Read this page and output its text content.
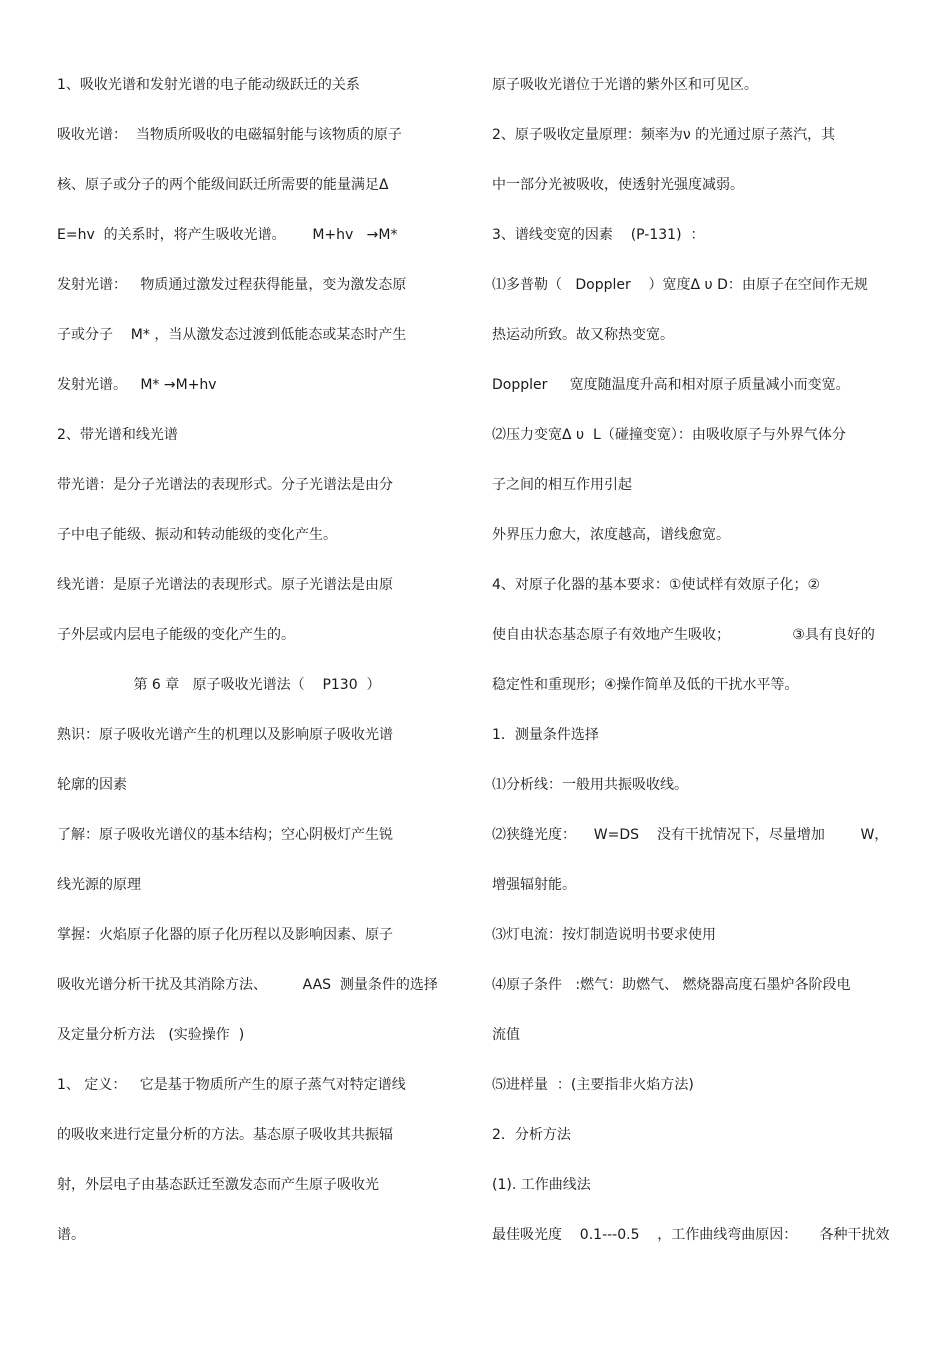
1、吸收光谱和发射光谱的电子能动级跃迁的关系

吸收光谱：  当物质所吸收的电磁辐射能与该物质的原子

核、原子或分子的两个能级间跃迁所需要的能量满足Δ

E=hv  的关系时，将产生吸收光谱。      M+hv   →M*

发射光谱：   物质通过激发过程获得能量，变为激发态原

子或分子    M* ，当从激发态过渡到低能态或某态时产生

发射光谱。   M* →M+hv

2、带光谱和线光谱

带光谱：是分子光谱法的表现形式。分子光谱法是由分

子中电子能级、振动和转动能级的变化产生。

线光谱：是原子光谱法的表现形式。原子光谱法是由原

子外层或内层电子能级的变化产生的。

第 6 章   原子吸收光谱法（    P130  ）

熟识：原子吸收光谱产生的机理以及影响原子吸收光谱

轮廓的因素

了解：原子吸收光谱仪的基本结构；空心阴极灯产生锐

线光源的原理

掌握：火焰原子化器的原子化历程以及影响因素、原子

吸收光谱分析干扰及其消除方法、        AAS  测量条件的选择

及定量分析方法   (实验操作  )

1、 定义：   它是基于物质所产生的原子蒸气对特定谱线

的吸收来进行定量分析的方法。基态原子吸收其共振辐

射，外层电子由基态跃迁至激发态而产生原子吸收光

谱。

原子吸收光谱位于光谱的紫外区和可见区。

2、原子吸收定量原理：频率为ν 的光通过原子蒸汽，其

中一部分光被吸收，使透射光强度减弱。

3、谱线变宽的因素    (P-131)  ：

⑴多普勒（   Doppler    ）宽度Δ υ D：由原子在空间作无规

热运动所致。故又称热变宽。

Doppler     宽度随温度升高和相对原子质量减小而变宽。

⑵压力变宽Δ υ  L（碰撞变宽）：由吸收原子与外界气体分

子之间的相互作用引起

外界压力愈大，浓度越高，谱线愈宽。

4、对原子化器的基本要求：①使试样有效原子化；②

使自由状态基态原子有效地产生吸收；              ③具有良好的

稳定性和重现形；④操作简单及低的干扰水平等。

1．测量条件选择

⑴分析线：一般用共振吸收线。

⑵狭缝光度：    W=DS    没有干扰情况下，尽量增加        W，

增强辐射能。

⑶灯电流：按灯制造说明书要求使用

⑷原子条件   :燃气：助燃气、 燃烧器高度石墨炉各阶段电

流值

⑸进样量  ：(主要指非火焰方法)

2．分析方法

(1). 工作曲线法

最佳吸光度    0.1---0.5    ，工作曲线弯曲原因：     各种干扰效
